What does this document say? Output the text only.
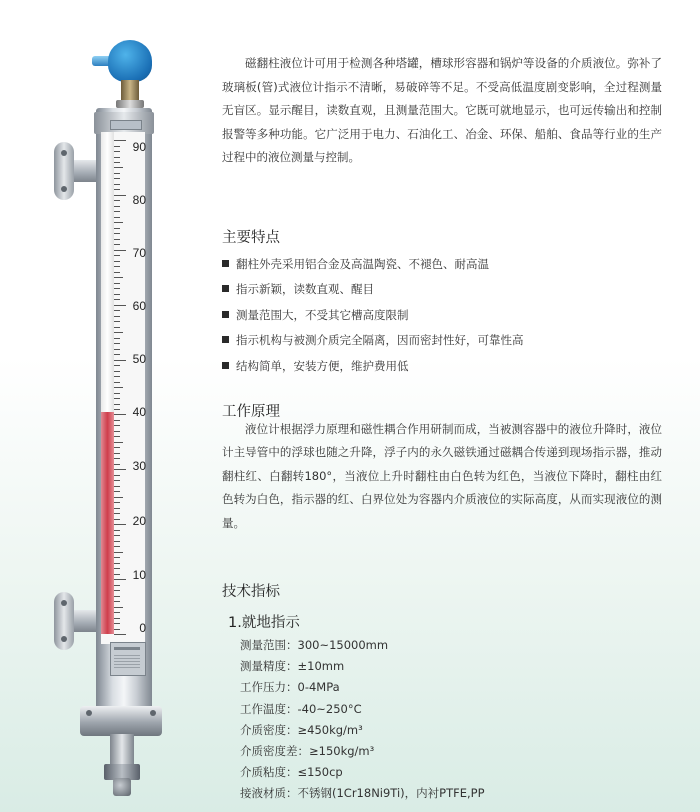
90
80
70
60
50
40
30
20
10
0
磁翻柱液位计可用于检测各种塔罐，槽球形容器和锅炉等设备的介质液位。弥补了玻璃板(管)式液位计指示不清晰，易破碎等不足。不受高低温度剧变影响，全过程测量无盲区。显示醒目，读数直观，且测量范围大。它既可就地显示，也可远传输出和控制报警等多种功能。它广泛用于电力、石油化工、冶金、环保、船舶、食品等行业的生产过程中的液位测量与控制。
主要特点
翻柱外壳采用铝合金及高温陶瓷、不褪色、耐高温
指示新颖，读数直观、醒目
测量范围大，不受其它槽高度限制
指示机构与被测介质完全隔离，因而密封性好，可靠性高
结构简单，安装方便，维护费用低
工作原理
液位计根据浮力原理和磁性耦合作用研制而成，当被测容器中的液位升降时，液位计主导管中的浮球也随之升降，浮子内的永久磁铁通过磁耦合传递到现场指示器，推动翻柱红、白翻转180°，当液位上升时翻柱由白色转为红色，当液位下降时，翻柱由红色转为白色，指示器的红、白界位处为容器内介质液位的实际高度，从而实现液位的测量。
技术指标
1.就地指示
测量范围：300~15000mm
测量精度：±10mm
工作压力：0-4MPa
工作温度：-40~250°C
介质密度：≥450kg/m³
介质密度差：≥150kg/m³
介质粘度：≤150cp
接液材质：不锈钢(1Cr18Ni9Ti)，内衬PTFE,PP
